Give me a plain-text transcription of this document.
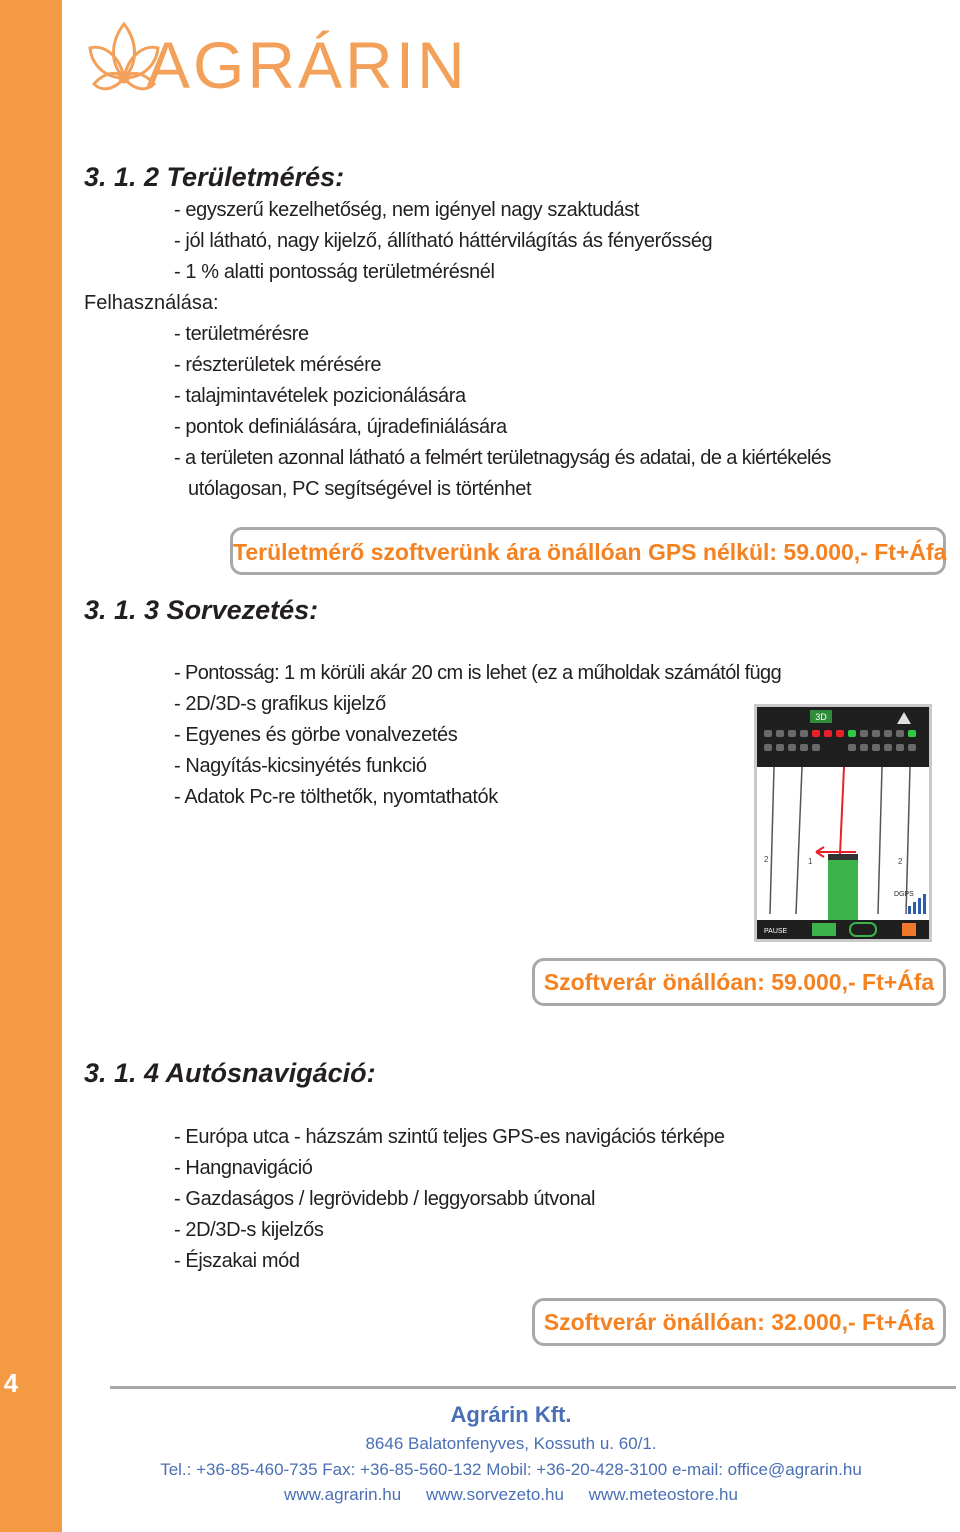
4
AGRÁRIN
3. 1. 2 Területmérés:
- egyszerű kezelhetőség, nem igényel nagy szaktudást
- jól látható, nagy kijelző, állítható háttérvilágítás ás fényerősség
- 1 % alatti pontosság területmérésnél
Felhasználása:
- területmérésre
- részterületek mérésére
- talajmintavételek pozicionálására
- pontok definiálására, újradefiniálására
- a területen azonnal látható a felmért területnagyság és adatai, de a kiértékelés
utólagosan, PC segítségével is történhet
Területmérő szoftverünk ára önállóan GPS nélkül: 59.000,- Ft+Áfa
3. 1. 3 Sorvezetés:
- Pontosság: 1 m körüli akár 20 cm is lehet (ez a műholdak számától függ
- 2D/3D-s grafikus kijelző
- Egyenes és görbe vonalvezetés
- Nagyítás-kicsinyétés funkció
- Adatok Pc-re tölthetők, nyomtathatók
3D
2	1	2
DGPS
PAUSE
Szoftverár önállóan: 59.000,- Ft+Áfa
3. 1. 4 Autósnavigáció:
- Európa utca - házszám szintű teljes GPS-es navigációs térképe
- Hangnavigáció
- Gazdaságos / legrövidebb / leggyorsabb útvonal
- 2D/3D-s kijelzős
- Éjszakai mód
Szoftverár önállóan: 32.000,- Ft+Áfa
Agrárin Kft.
8646 Balatonfenyves, Kossuth u. 60/1.
Tel.: +36-85-460-735 Fax: +36-85-560-132 Mobil: +36-20-428-3100 e-mail: office@agrarin.hu
www.agrarin.hu www.sorvezeto.hu www.meteostore.hu
